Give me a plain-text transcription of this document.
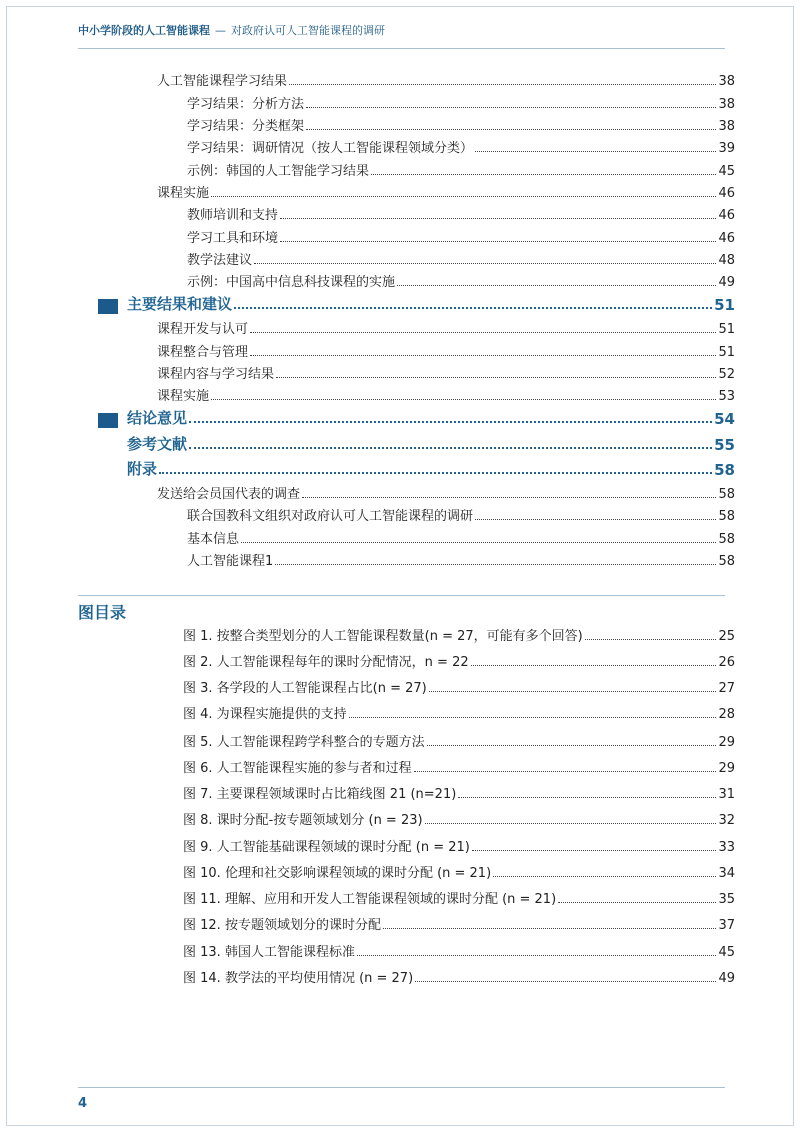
中小学阶段的人工智能课程 — 对政府认可人工智能课程的调研
人工智能课程学习结果	38
学习结果：分析方法	38
学习结果：分类框架	38
学习结果：调研情况（按人工智能课程领域分类）	39
示例：韩国的人工智能学习结果	45
课程实施	46
教师培训和支持	46
学习工具和环境	46
教学法建议	48
示例：中国高中信息科技课程的实施	49
主要结果和建议	51
课程开发与认可	51
课程整合与管理	51
课程内容与学习结果	52
课程实施	53
结论意见	54
参考文献	55
附录	58
发送给会员国代表的调查	58
联合国教科文组织对政府认可人工智能课程的调研	58
基本信息	58
人工智能课程1	58
图目录
图 1. 按整合类型划分的人工智能课程数量(n = 27，可能有多个回答)	25
图 2. 人工智能课程每年的课时分配情况，n = 22	26
图 3. 各学段的人工智能课程占比(n = 27)	27
图 4. 为课程实施提供的支持	28
图 5. 人工智能课程跨学科整合的专题方法	29
图 6. 人工智能课程实施的参与者和过程	29
图 7. 主要课程领域课时占比箱线图 21 (n=21)	31
图 8. 课时分配-按专题领域划分 (n = 23)	32
图 9. 人工智能基础课程领域的课时分配 (n = 21)	33
图 10. 伦理和社交影响课程领域的课时分配 (n = 21)	34
图 11. 理解、应用和开发人工智能课程领域的课时分配 (n = 21)	35
图 12. 按专题领域划分的课时分配	37
图 13. 韩国人工智能课程标准	45
图 14. 教学法的平均使用情况 (n = 27)	49
4
